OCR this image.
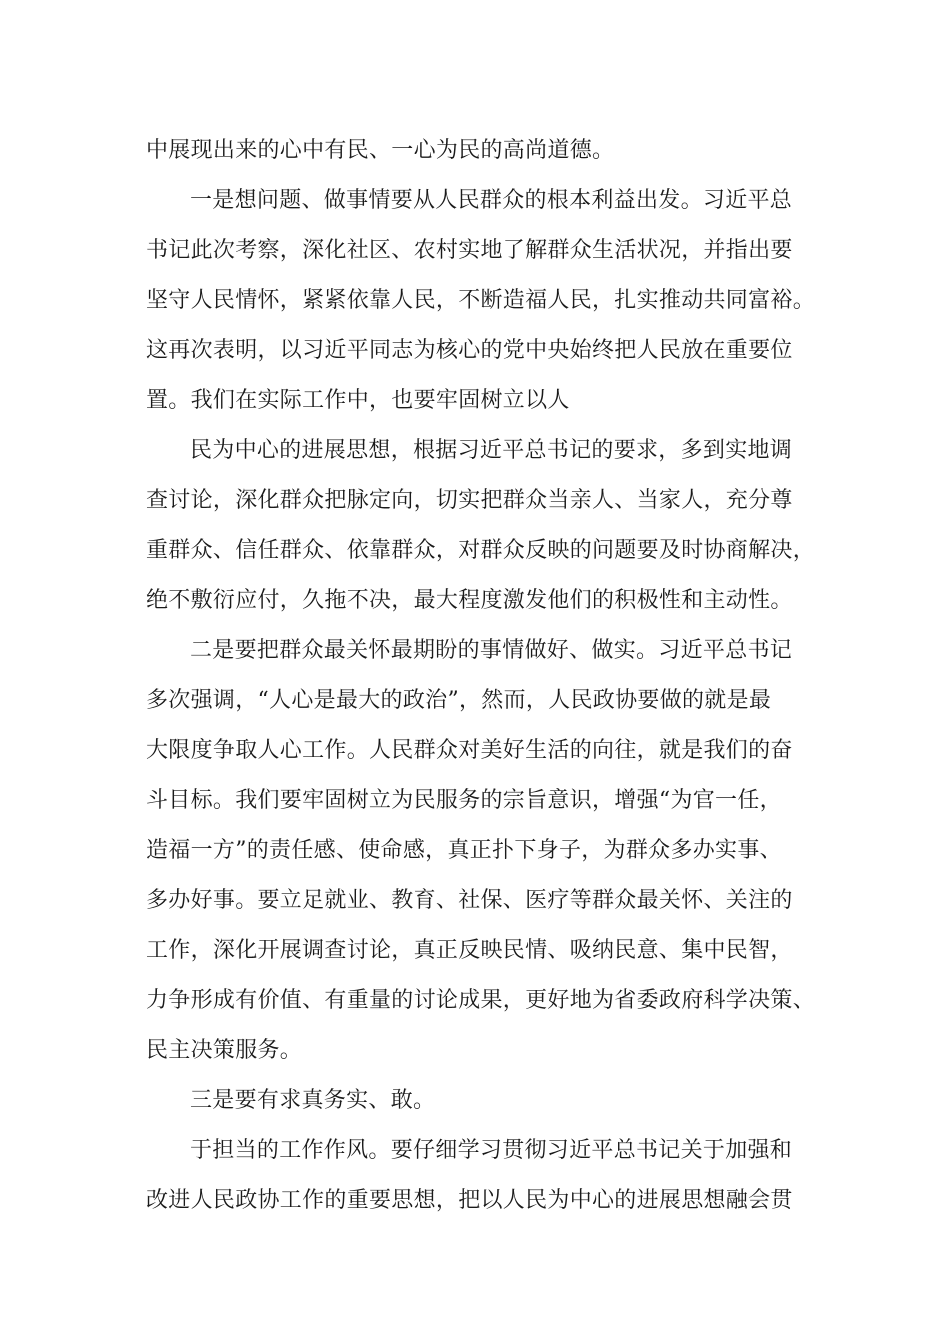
中展现出来的心中有民、一心为民的高尚道德。
一是想问题、做事情要从人民群众的根本利益出发。习近平总
书记此次考察，深化社区、农村实地了解群众生活状况，并指出要
坚守人民情怀，紧紧依靠人民，不断造福人民，扎实推动共同富裕。
这再次表明，以习近平同志为核心的党中央始终把人民放在重要位
置。我们在实际工作中，也要牢固树立以人
民为中心的进展思想，根据习近平总书记的要求，多到实地调
查讨论，深化群众把脉定向，切实把群众当亲人、当家人，充分尊
重群众、信任群众、依靠群众，对群众反映的问题要及时协商解决，
绝不敷衍应付，久拖不决，最大程度激发他们的积极性和主动性。
二是要把群众最关怀最期盼的事情做好、做实。习近平总书记
多次强调，“人心是最大的政治”，然而，人民政协要做的就是最
大限度争取人心工作。人民群众对美好生活的向往，就是我们的奋
斗目标。我们要牢固树立为民服务的宗旨意识，增强“为官一任，
造福一方”的责任感、使命感，真正扑下身子，为群众多办实事、
多办好事。要立足就业、教育、社保、医疗等群众最关怀、关注的
工作，深化开展调查讨论，真正反映民情、吸纳民意、集中民智，
力争形成有价值、有重量的讨论成果，更好地为省委政府科学决策、
民主决策服务。
三是要有求真务实、敢。
于担当的工作作风。要仔细学习贯彻习近平总书记关于加强和
改进人民政协工作的重要思想，把以人民为中心的进展思想融会贯
